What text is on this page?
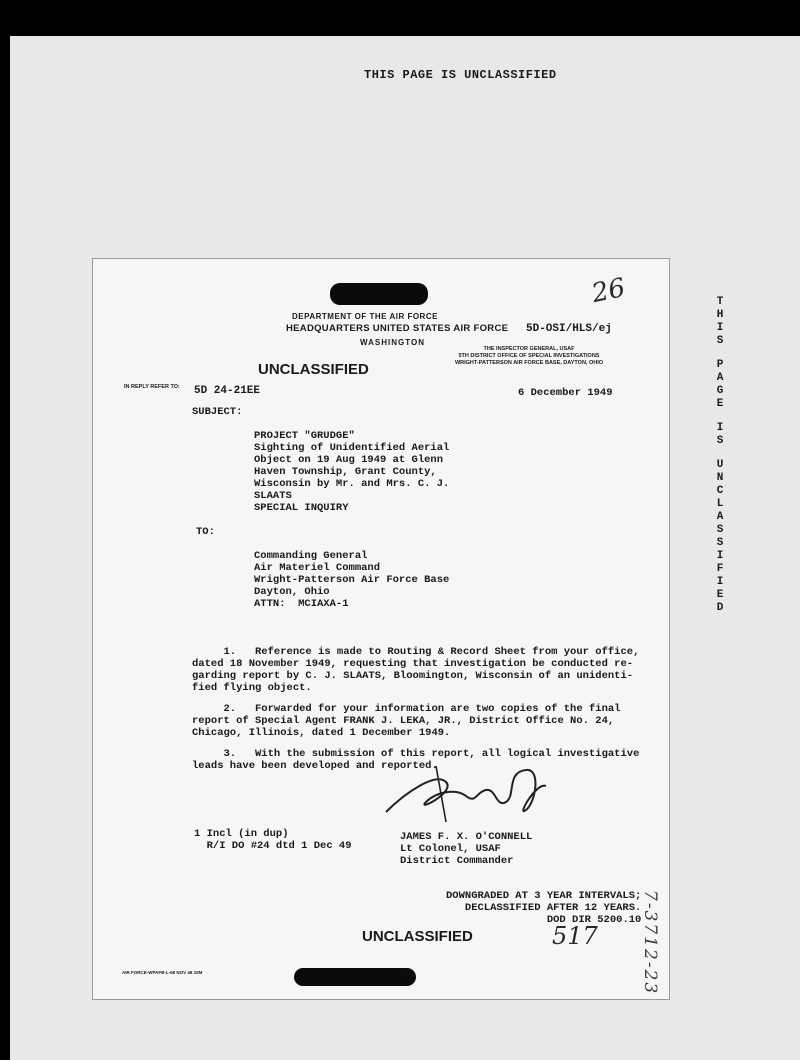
THIS PAGE IS UNCLASSIFIED
26
DEPARTMENT OF THE AIR FORCE
HEADQUARTERS UNITED STATES AIR FORCE
WASHINGTON
5D-OSI/HLS/ej
UNCLASSIFIED
THE INSPECTOR GENERAL, USAF
5TH DISTRICT OFFICE OF SPECIAL INVESTIGATIONS
WRIGHT-PATTERSON AIR FORCE BASE, DAYTON, OHIO
IN REPLY REFER TO: 5D 24-21EE	6 December 1949
SUBJECT:

PROJECT "GRUDGE"
Sighting of Unidentified Aerial
Object on 19 Aug 1949 at Glenn
Haven Township, Grant County,
Wisconsin by Mr. and Mrs. C. J.
SLAATS
SPECIAL INQUIRY

TO:

Commanding General
Air Materiel Command
Wright-Patterson Air Force Base
Dayton, Ohio
ATTN:  MCIAXA-1

1.   Reference is made to Routing & Record Sheet from your office,
dated 18 November 1949, requesting that investigation be conducted re-
garding report by C. J. SLAATS, Bloomington, Wisconsin of an unidenti-
fied flying object.

2.   Forwarded for your information are two copies of the final
report of Special Agent FRANK J. LEKA, JR., District Office No. 24,
Chicago, Illinois, dated 1 December 1949.

3.   With the submission of this report, all logical investigative
leads have been developed and reported.

1 Incl (in dup)
R/I DO #24 dtd 1 Dec 49

JAMES F. X. O'CONNELL
Lt Colonel, USAF
District Commander

DOWNGRADED AT 3 YEAR INTERVALS;
DECLASSIFIED AFTER 12 YEARS.
DOD DIR 5200.10

517 7-3712-23
UNCLASSIFIED
AIR FORCE-WPAFB-L-68 NOV 48 15M
T
H
I
S
P
A
G
E
I
S
U
N
C
L
A
S
S
I
F
I
E
D
